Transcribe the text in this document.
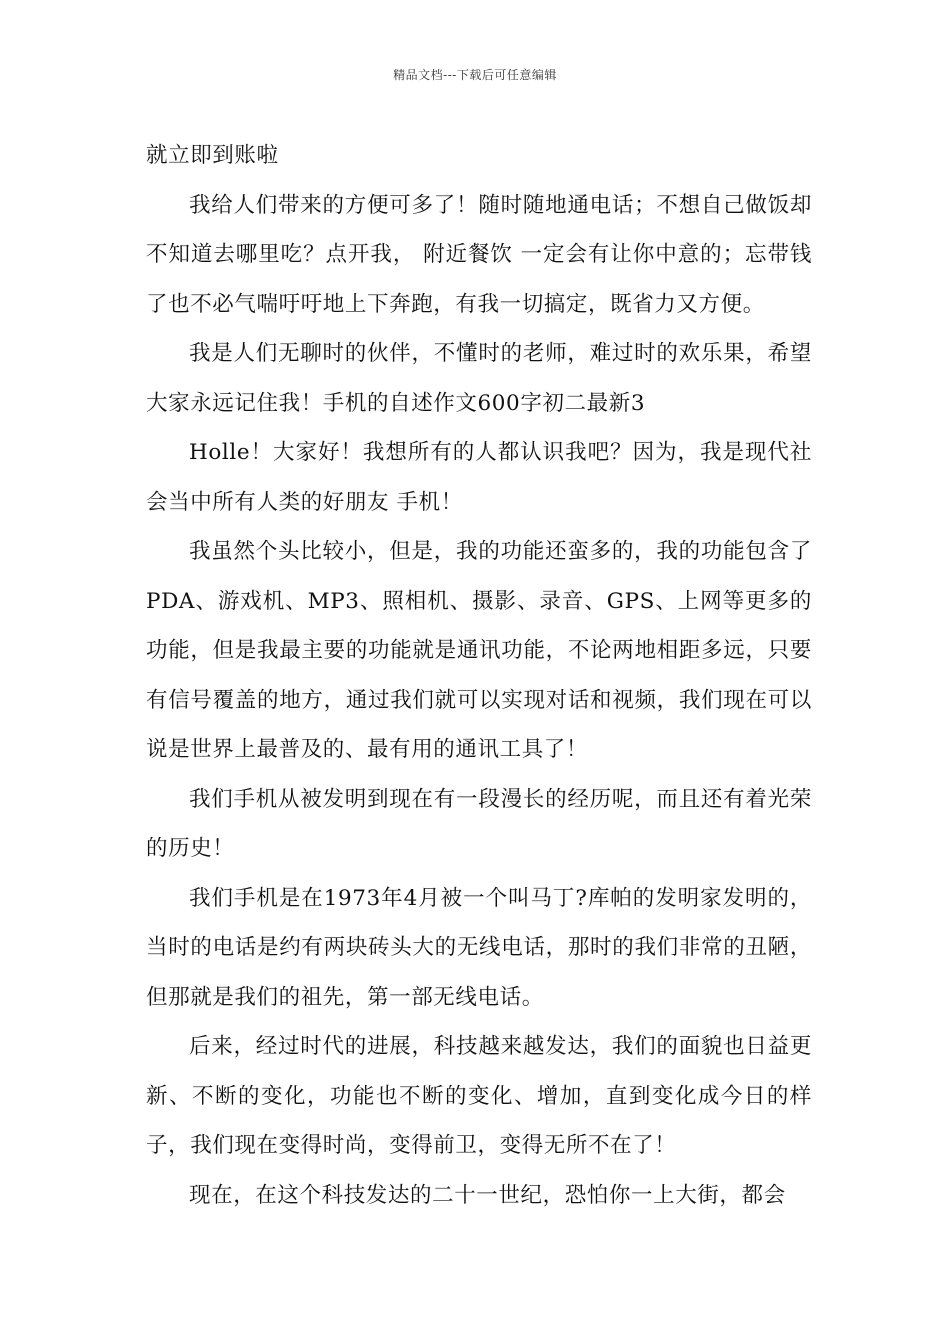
精品文档---下载后可任意编辑

就立即到账啦

我给人们带来的方便可多了！随时随地通电话；不想自己做饭却不知道去哪里吃？点开我， 附近餐饮 一定会有让你中意的；忘带钱了也不必气喘吁吁地上下奔跑，有我一切搞定，既省力又方便。

我是人们无聊时的伙伴，不懂时的老师，难过时的欢乐果，希望大家永远记住我！手机的自述作文600字初二最新3

Holle！大家好！我想所有的人都认识我吧？因为，我是现代社会当中所有人类的好朋友 手机！

我虽然个头比较小，但是，我的功能还蛮多的，我的功能包含了PDA、游戏机、MP3、照相机、摄影、录音、GPS、上网等更多的功能，但是我最主要的功能就是通讯功能，不论两地相距多远，只要有信号覆盖的地方，通过我们就可以实现对话和视频，我们现在可以说是世界上最普及的、最有用的通讯工具了！

我们手机从被发明到现在有一段漫长的经历呢，而且还有着光荣的历史！

我们手机是在1973年4月被一个叫马丁?库帕的发明家发明的，当时的电话是约有两块砖头大的无线电话，那时的我们非常的丑陋，但那就是我们的祖先，第一部无线电话。

后来，经过时代的进展，科技越来越发达，我们的面貌也日益更新、不断的变化，功能也不断的变化、增加，直到变化成今日的样子，我们现在变得时尚，变得前卫，变得无所不在了！

现在，在这个科技发达的二十一世纪，恐怕你一上大街，都会
